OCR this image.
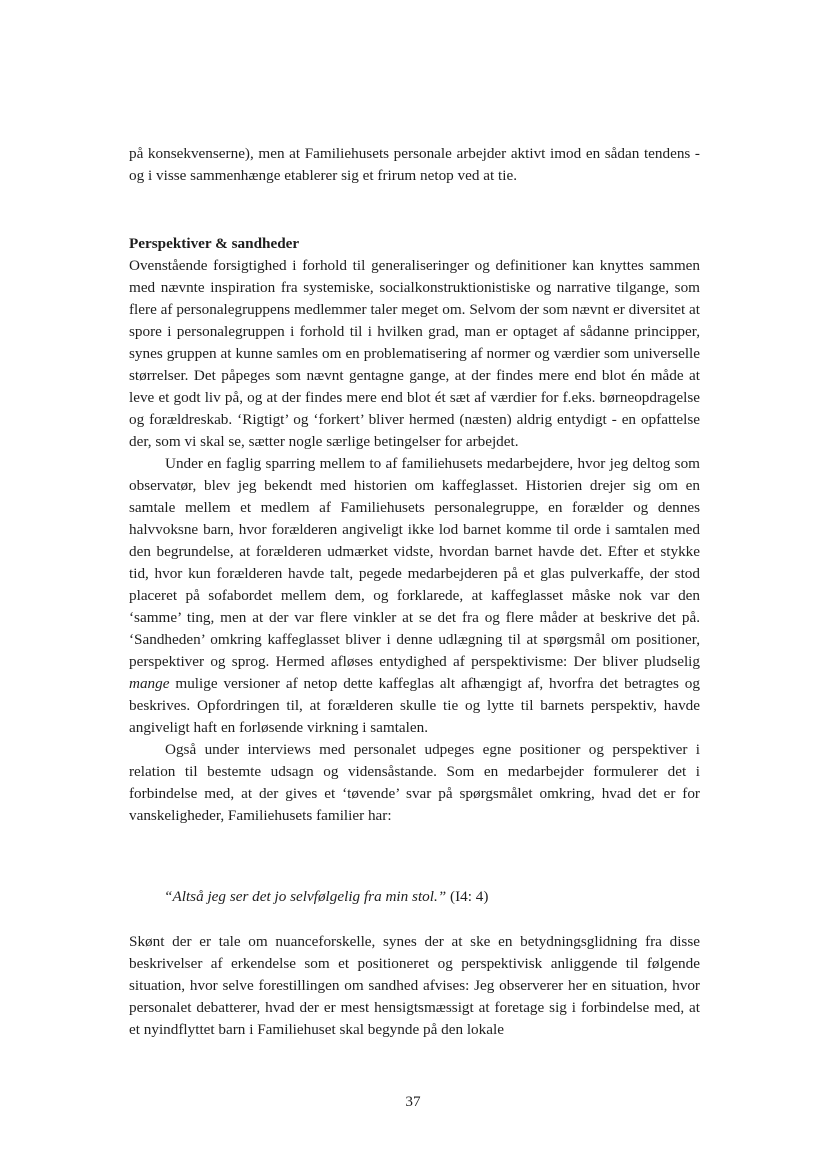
på konsekvenserne), men at Familiehusets personale arbejder aktivt imod en sådan tendens - og i visse sammenhænge etablerer sig et frirum netop ved at tie.

Perspektiver & sandheder

Ovenstående forsigtighed i forhold til generaliseringer og definitioner kan knyttes sammen med nævnte inspiration fra systemiske, socialkonstruktionistiske og narrative tilgange, som flere af personalegruppens medlemmer taler meget om. Selvom der som nævnt er diversitet at spore i personalegruppen i forhold til i hvilken grad, man er optaget af sådanne principper, synes gruppen at kunne samles om en problematisering af normer og værdier som universelle størrelser. Det påpeges som nævnt gentagne gange, at der findes mere end blot én måde at leve et godt liv på, og at der findes mere end blot ét sæt af værdier for f.eks. børneopdragelse og forældreskab. ‘Rigtigt’ og ‘forkert’ bliver hermed (næsten) aldrig entydigt - en opfattelse der, som vi skal se, sætter nogle særlige betingelser for arbejdet.

Under en faglig sparring mellem to af familiehusets medarbejdere, hvor jeg deltog som observatør, blev jeg bekendt med historien om kaffeglasset. Historien drejer sig om en samtale mellem et medlem af Familiehusets personalegruppe, en forælder og dennes halvvoksne barn, hvor forælderen angiveligt ikke lod barnet komme til orde i samtalen med den begrundelse, at forælderen udmærket vidste, hvordan barnet havde det. Efter et stykke tid, hvor kun forælderen havde talt, pegede medarbejderen på et glas pulverkaffe, der stod placeret på sofabordet mellem dem, og forklarede, at kaffeglasset måske nok var den ‘samme’ ting, men at der var flere vinkler at se det fra og flere måder at beskrive det på. ‘Sandheden’ omkring kaffeglasset bliver i denne udlægning til at spørgsmål om positioner, perspektiver og sprog. Hermed afløses entydighed af perspektivisme: Der bliver pludselig mange mulige versioner af netop dette kaffeglas alt afhængigt af, hvorfra det betragtes og beskrives. Opfordringen til, at forælderen skulle tie og lytte til barnets perspektiv, havde angiveligt haft en forløsende virkning i samtalen.

Også under interviews med personalet udpeges egne positioner og perspektiver i relation til bestemte udsagn og vidensåstande. Som en medarbejder formulerer det i forbindelse med, at der gives et ‘tøvende’ svar på spørgsmålet omkring, hvad det er for vanskeligheder, Familiehusets familier har:

“Altså jeg ser det jo selvfølgelig fra min stol.” (I4: 4)

Skønt der er tale om nuanceforskelle, synes der at ske en betydningsglidning fra disse beskrivelser af erkendelse som et positioneret og perspektivisk anliggende til følgende situation, hvor selve forestillingen om sandhed afvises: Jeg observerer her en situation, hvor personalet debatterer, hvad der er mest hensigtsmæssigt at foretage sig i forbindelse med, at et nyindflyttet barn i Familiehuset skal begynde på den lokale

37
